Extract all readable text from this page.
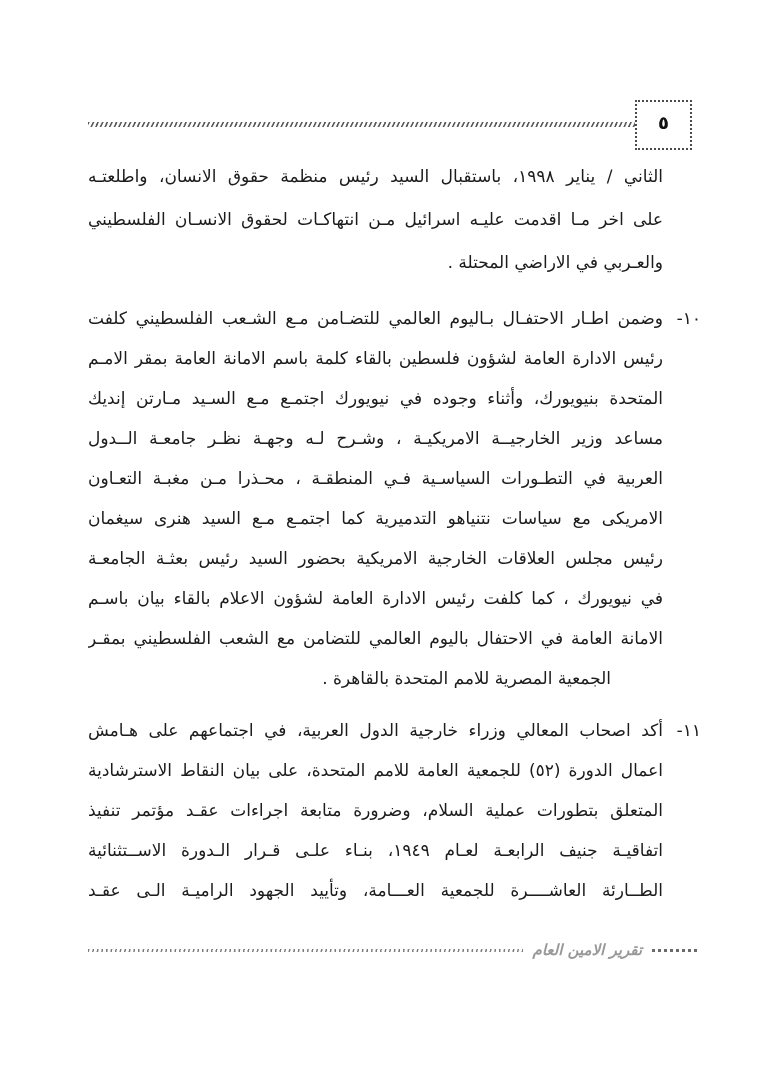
٥
الثاني / يناير ١٩٩٨، باستقبال السيد رئيس منظمة حقوق الانسان، واطلعتـه
على اخر مـا اقدمت عليـه اسرائيل مـن انتهاكـات لحقوق الانسـان الفلسطيني
والعـربي في الاراضي المحتلة .
١٠-
وضمن اطـار الاحتفـال بـاليوم العالمي للتضـامن مـع الشـعب الفلسطيني كلفت
رئيس الادارة العامة لشؤون فلسطين بالقاء كلمة باسم الامانة العامة بمقر الامـم
المتحدة بنيويورك، وأثناء وجوده في نيويورك اجتمـع مـع السـيد مـارتن إنديك
مساعد وزير الخارجيــة الامريكيـة ، وشـرح لـه وجهـة نظـر جامعـة الــدول
العربية في التطـورات السياسـية فـي المنطقـة ، محـذرا مـن مغبـة التعـاون
الامريكى مع سياسات نتنياهو التدميرية كما اجتمـع مـع السيد هنرى سيغمان
رئيس مجلس العلاقات الخارجية الامريكية بحضور السيد رئيس بعثـة الجامعـة
في نيويورك ، كما كلفت رئيس الادارة العامة لشؤون الاعلام بالقاء بيان باسـم
الامانة العامة في الاحتفال باليوم العالمي للتضامن مع الشعب الفلسطيني بمقـر
الجمعية المصرية للامم المتحدة بالقاهرة .
١١-
أكد اصحاب المعالي وزراء خارجية الدول العربية، في اجتماعهم على هـامش
اعمال الدورة (٥٢) للجمعية العامة للامم المتحدة، على بيان النقاط الاسترشادية
المتعلق بتطورات عملية السلام، وضرورة متابعة اجراءات عقـد مؤتمر تنفيذ
اتفاقيـة جنيف الرابعـة لعـام ١٩٤٩، بنـاء علـى قـرار الـدورة الاســتثنائية
الطــارئة العاشــــرة للجمعية العـــامة، وتأييد الجهود الراميـة الـى عقـد
تقرير الامين العام
